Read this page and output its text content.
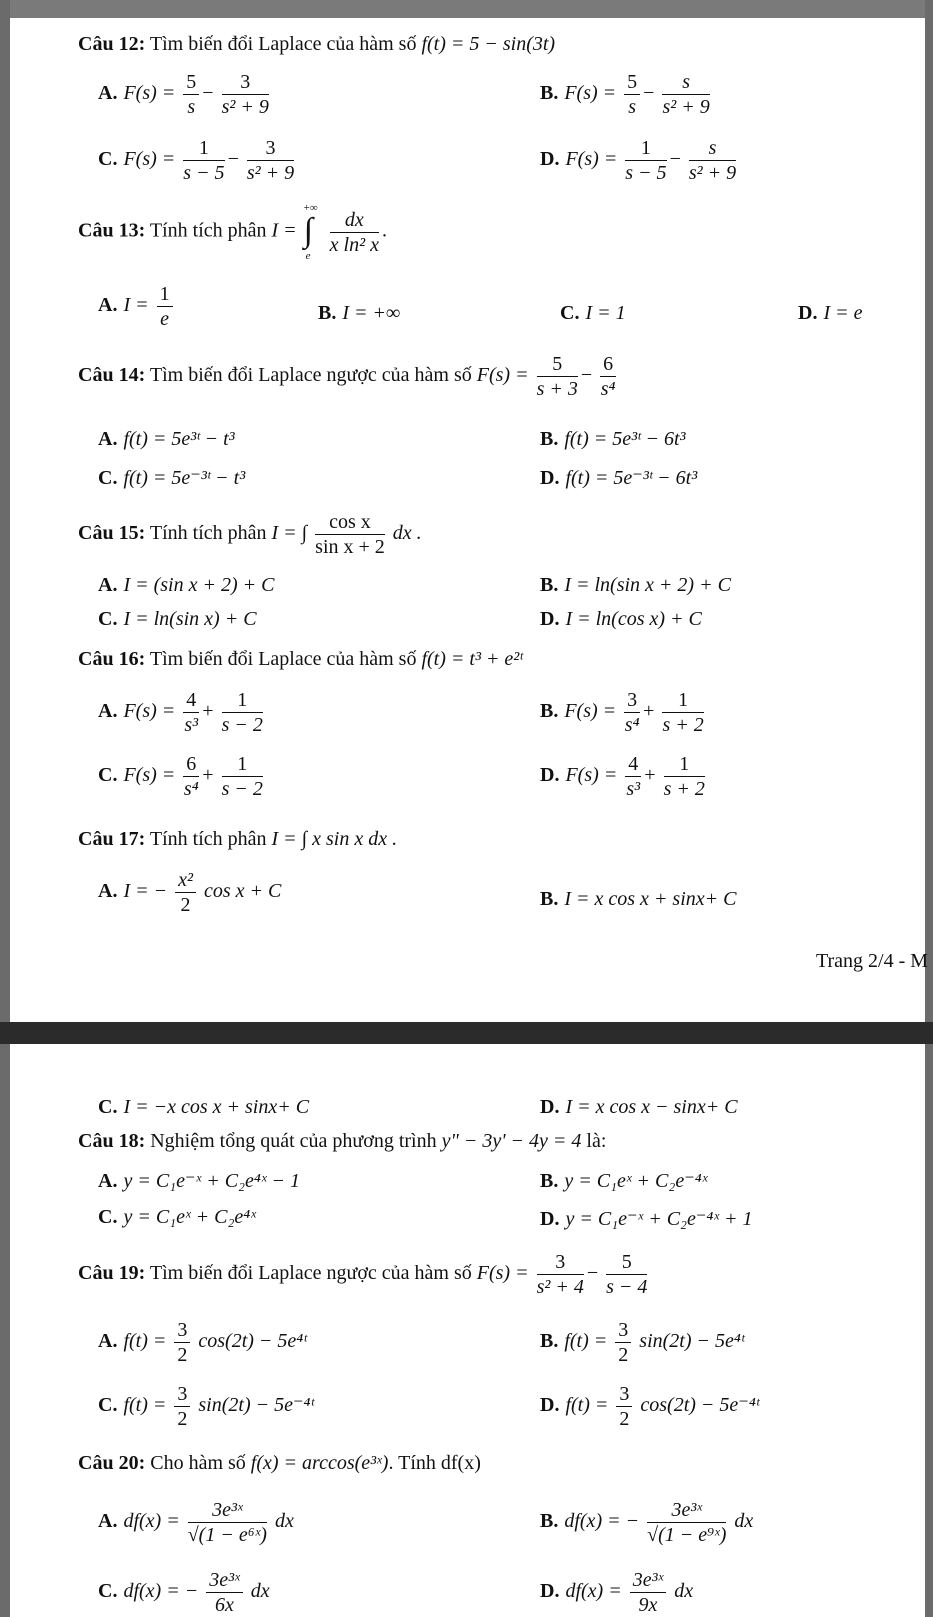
Câu 12: Tìm biến đổi Laplace của hàm số f(t) = 5 − sin(3t)
A. $F(s) = \frac{5}{s} - \frac{3}{\text{s² + 9}}$	B. $F(s) = \frac{5}{s} - \frac{s}{\text{s² + 9}}$
C. $F(s) = \frac{1}{s - 5} - \frac{3}{\text{s² + 9}}$	D. $F(s) = \frac{1}{s - 5} - \frac{s}{\text{s² + 9}}$
Câu 13: Tính tích phân I =
+∞
∫
e
$\frac{dx}{\text{x ln² x}}$ .
A. $I = \frac{1}{e}$	B. I = +∞	C. I = 1	D. I = e
Câu 14: Tìm biến đổi Laplace ngược của hàm số $F(s) = \frac{5}{s + 3} - \frac{6}{\text{s⁴}}$
A. f(t) = 5e³ᵗ − t³	B. f(t) = 5e³ᵗ − 6t³
C. f(t) = 5e⁻³ᵗ − t³	D. f(t) = 5e⁻³ᵗ − 6t³
Câu 15: Tính tích phân I = ∫ $\frac{\text{cos x}}{\text{sin x + 2}}$ dx .
A. I = (sin x + 2) + C	B. I = ln(sin x + 2) + C
C. I = ln(sin x) + C	D. I = ln(cos x) + C
Câu 16: Tìm biến đổi Laplace của hàm số f(t) = t³ + e²ᵗ
A. $F(s) = \frac{4}{\text{s³}} + \frac{1}{s - 2}$	B. $F(s) = \frac{3}{\text{s⁴}} + \frac{1}{s + 2}$
C. $F(s) = \frac{6}{\text{s⁴}} + \frac{1}{s - 2}$	D. $F(s) = \frac{4}{\text{s³}} + \frac{1}{s + 2}$
Câu 17: Tính tích phân I = ∫ x sin x dx .
A. I = − $\frac{\text{x²}}{2}$ cos x + C	B. I = x cos x + sinx+ C
Trang 2/4 - M
C. I = −x cos x + sinx+ C	D. I = x cos x − sinx+ C
Câu 18: Nghiệm tổng quát của phương trình y" − 3y' − 4y = 4 là:
A. y = C₁e⁻ˣ + C₂e⁴ˣ − 1	B. y = C₁eˣ + C₂e⁻⁴ˣ
C. y = C₁eˣ + C₂e⁴ˣ	D. y = C₁e⁻ˣ + C₂e⁻⁴ˣ + 1
Câu 19: Tìm biến đổi Laplace ngược của hàm số $F(s) = \frac{3}{\text{s² + 4}} - \frac{5}{s - 4}$
A. $f(t) = \frac{3}{2} \cos(2t)$ − 5e⁴ᵗ	B. $f(t) = \frac{3}{2} \sin(2t)$ − 5e⁴ᵗ
C. $f(t) = \frac{3}{2} \sin(2t)$ − 5e⁻⁴ᵗ	D. $f(t) = \frac{3}{2} \cos(2t)$ − 5e⁻⁴ᵗ
Câu 20: Cho hàm số f(x) = arccos(e³ˣ). Tính df(x)
A. $df(x) = \frac{\text{3e³ˣ}}{\text{√(1 − e⁶ˣ)}}$ dx	B. df(x) = − $\frac{\text{3e³ˣ}}{\text{√(1 − e⁹ˣ)}}$ dx
C. df(x) = − $\frac{\text{3e³ˣ}}{6x}$ dx	D. $df(x) = \frac{\text{3e³ˣ}}{9x}$ dx
